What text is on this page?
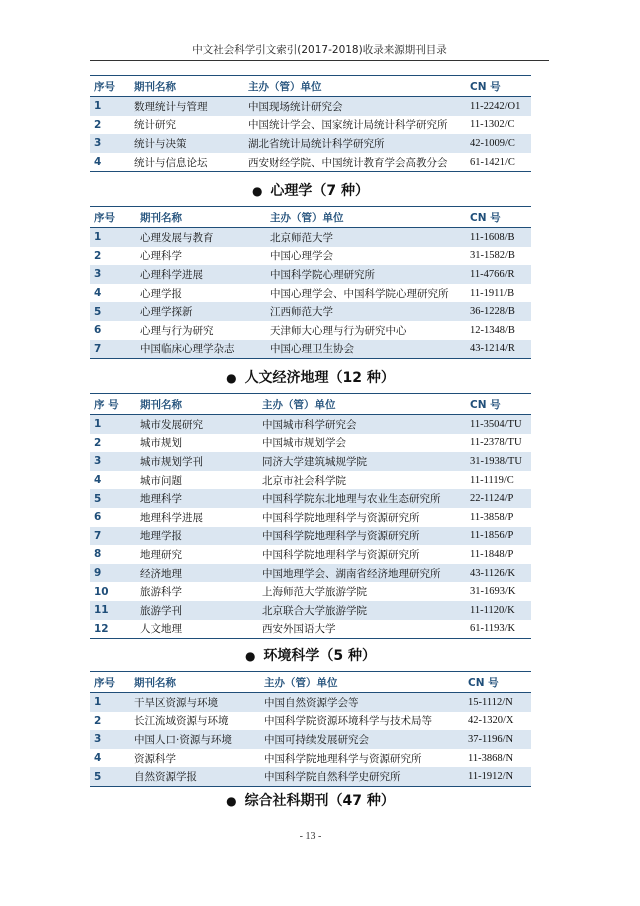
中文社会科学引文索引(2017-2018)收录来源期刊目录
序号	期刊名称	主办（管）单位	CN 号
1	数理统计与管理	中国现场统计研究会	11-2242/O1
2	统计研究	中国统计学会、国家统计局统计科学研究所	11-1302/C
3	统计与决策	湖北省统计局统计科学研究所	42-1009/C
4	统计与信息论坛	西安财经学院、中国统计教育学会高教分会	61-1421/C
● 心理学（7 种）
序号	期刊名称	主办（管）单位	CN 号
1	心理发展与教育	北京师范大学	11-1608/B
2	心理科学	中国心理学会	31-1582/B
3	心理科学进展	中国科学院心理研究所	11-4766/R
4	心理学报	中国心理学会、中国科学院心理研究所	11-1911/B
5	心理学探新	江西师范大学	36-1228/B
6	心理与行为研究	天津师大心理与行为研究中心	12-1348/B
7	中国临床心理学杂志	中国心理卫生协会	43-1214/R
● 人文经济地理（12 种）
序 号	期刊名称	主办（管）单位	CN 号
1	城市发展研究	中国城市科学研究会	11-3504/TU
2	城市规划	中国城市规划学会	11-2378/TU
3	城市规划学刊	同济大学建筑城规学院	31-1938/TU
4	城市问题	北京市社会科学院	11-1119/C
5	地理科学	中国科学院东北地理与农业生态研究所	22-1124/P
6	地理科学进展	中国科学院地理科学与资源研究所	11-3858/P
7	地理学报	中国科学院地理科学与资源研究所	11-1856/P
8	地理研究	中国科学院地理科学与资源研究所	11-1848/P
9	经济地理	中国地理学会、湖南省经济地理研究所	43-1126/K
10	旅游科学	上海师范大学旅游学院	31-1693/K
11	旅游学刊	北京联合大学旅游学院	11-1120/K
12	人文地理	西安外国语大学	61-1193/K
● 环境科学（5 种）
序号	期刊名称	主办（管）单位	CN 号
1	干旱区资源与环境	中国自然资源学会等	15-1112/N
2	长江流域资源与环境	中国科学院资源环境科学与技术局等	42-1320/X
3	中国人口·资源与环境	中国可持续发展研究会	37-1196/N
4	资源科学	中国科学院地理科学与资源研究所	11-3868/N
5	自然资源学报	中国科学院自然科学史研究所	11-1912/N
● 综合社科期刊（47 种）
- 13 -
